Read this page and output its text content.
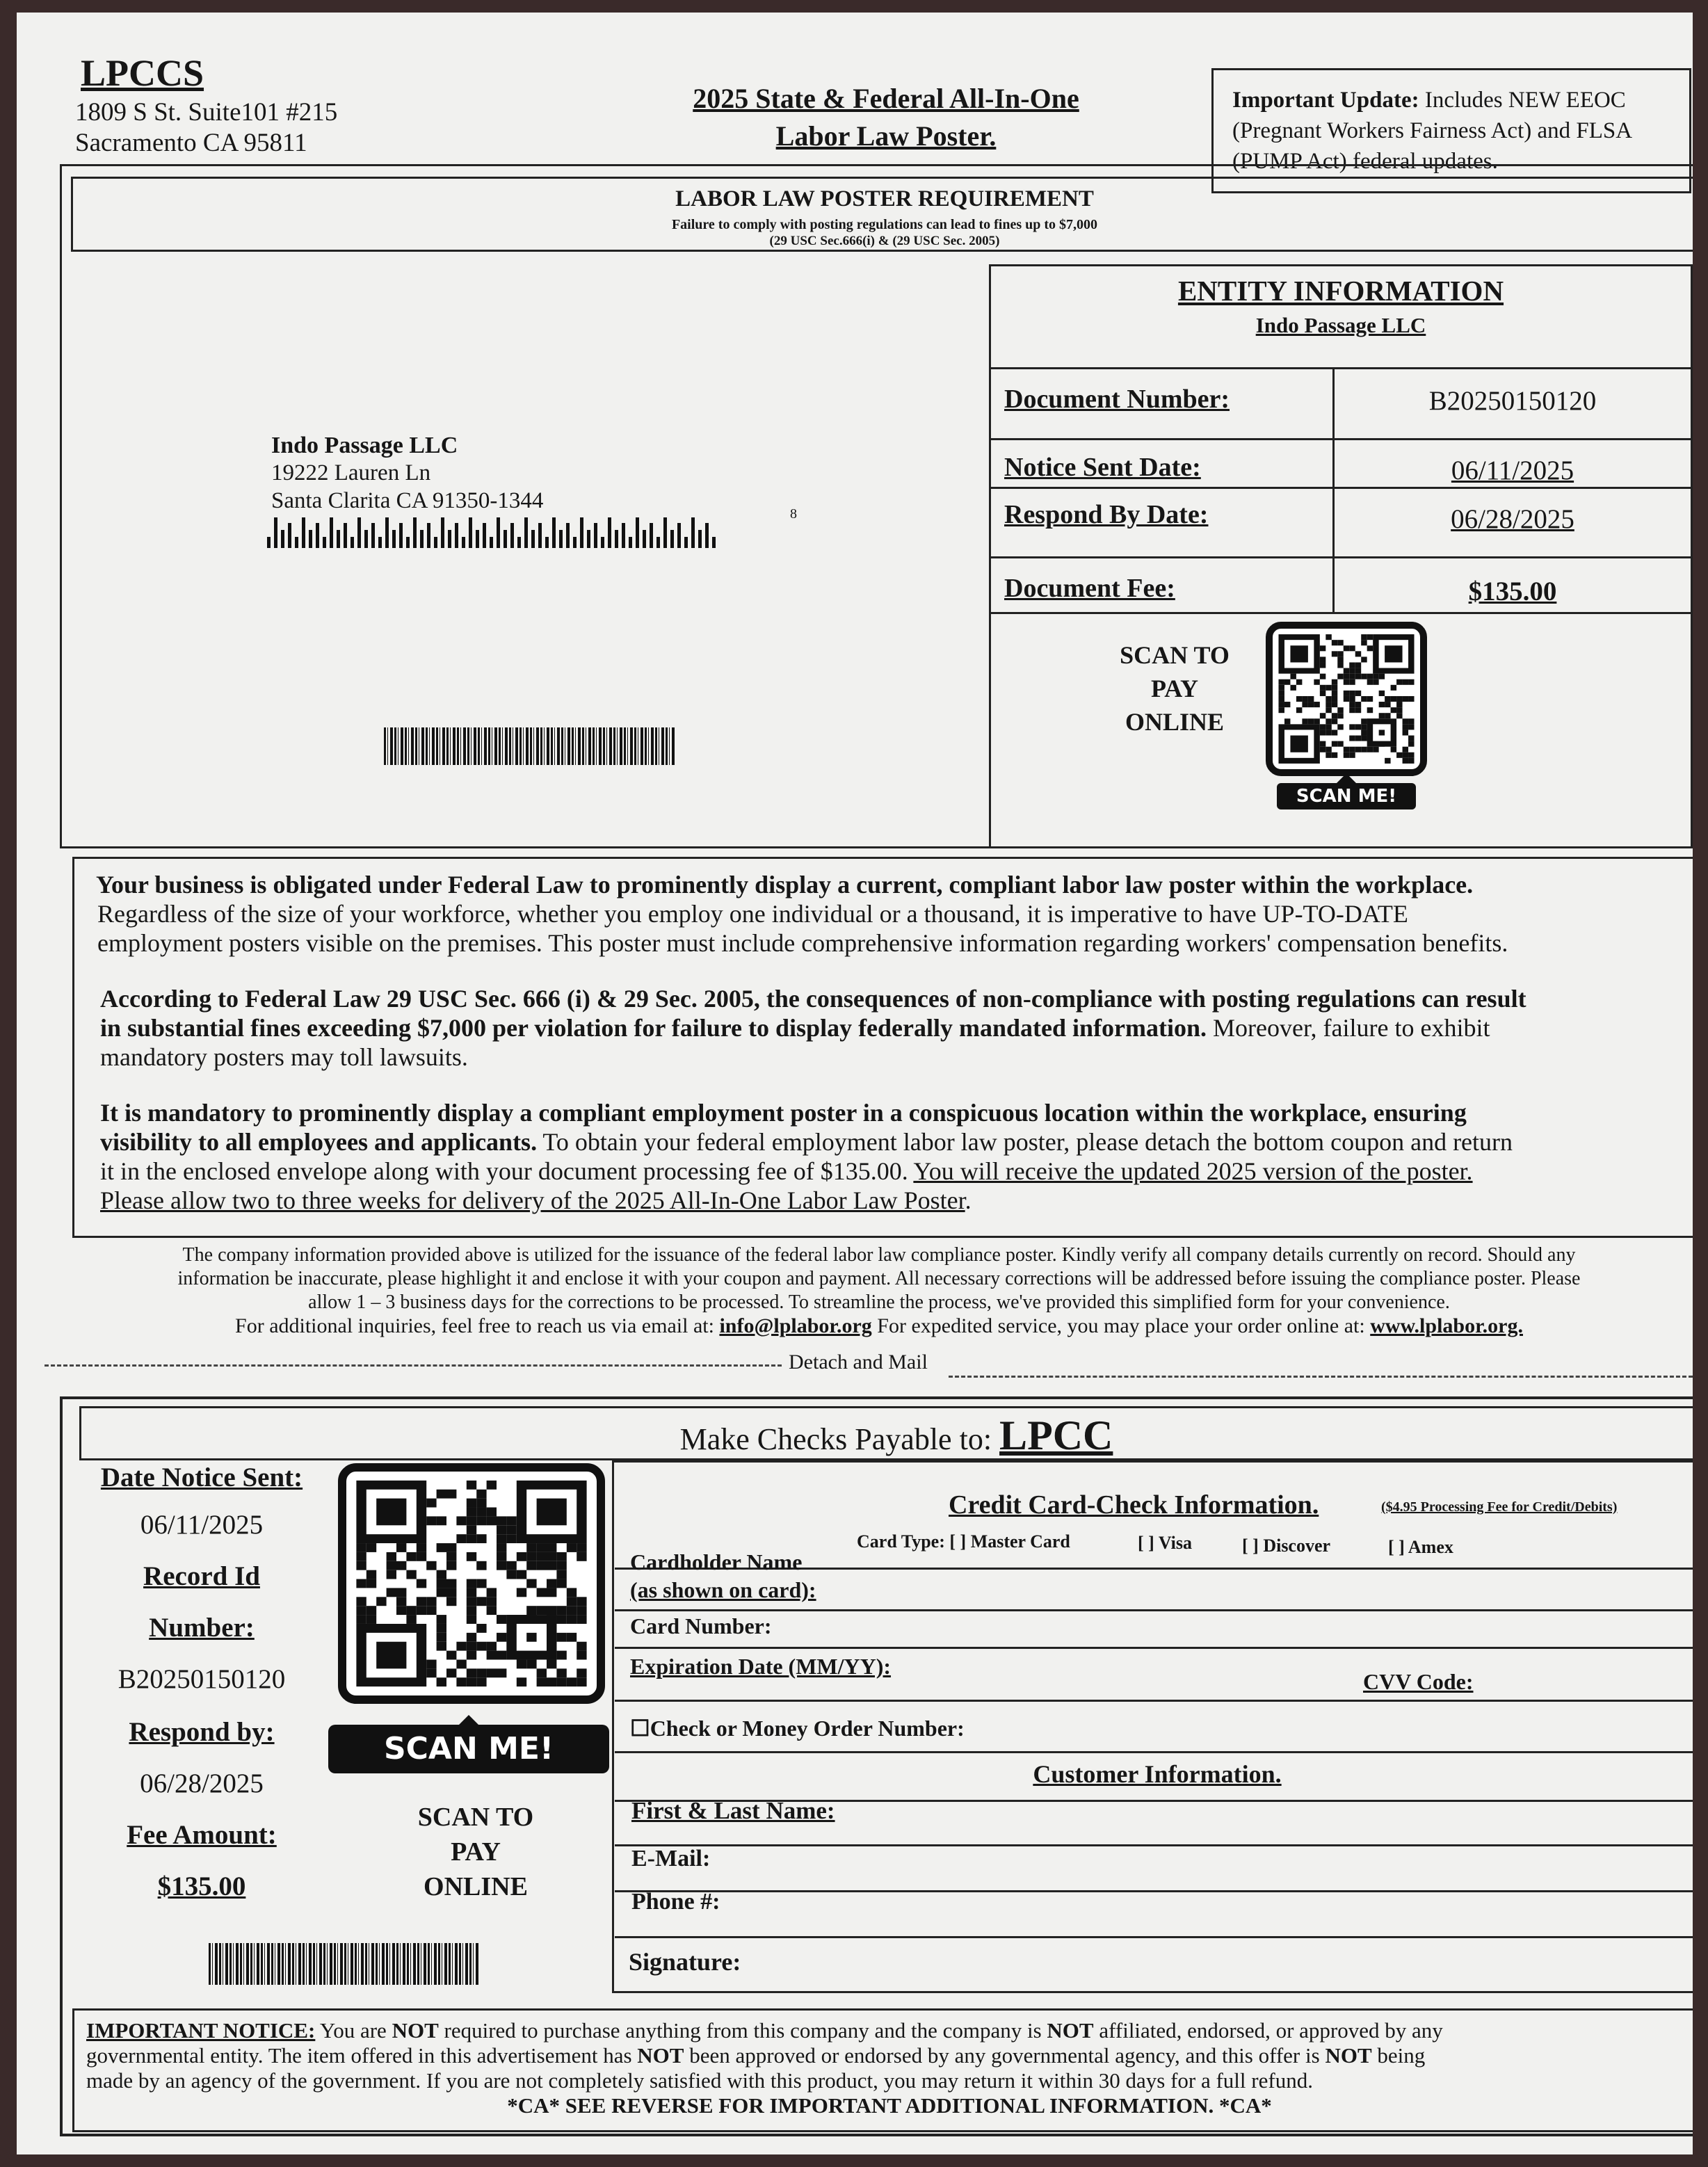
LPCCS
1809 S St. Suite101 #215
Sacramento CA 95811
2025 State & Federal All-In-One
Labor Law Poster.
Important Update: Includes NEW EEOC
(Pregnant Workers Fairness Act) and FLSA
(PUMP Act) federal updates.
LABOR LAW POSTER REQUIREMENT
Failure to comply with posting regulations can lead to fines up to $7,000
(29 USC Sec.666(i) & (29 USC Sec. 2005)
Indo Passage LLC
19222 Lauren Ln
Santa Clarita CA 91350-1344
8
ENTITY INFORMATION
Indo Passage LLC
Document Number:	B20250150120
Notice Sent Date:	06/11/2025
Respond By Date:	06/28/2025
Document Fee:	$135.00
SCAN TO
PAY
ONLINE
SCAN ME!
Your business is obligated under Federal Law to prominently display a current, compliant labor law poster within the workplace.
Regardless of the size of your workforce, whether you employ one individual or a thousand, it is imperative to have UP-TO-DATE
employment posters visible on the premises. This poster must include comprehensive information regarding workers' compensation benefits.
According to Federal Law 29 USC Sec. 666 (i) & 29 Sec. 2005, the consequences of non-compliance with posting regulations can result
in substantial fines exceeding $7,000 per violation for failure to display federally mandated information. Moreover, failure to exhibit
mandatory posters may toll lawsuits.
It is mandatory to prominently display a compliant employment poster in a conspicuous location within the workplace, ensuring
visibility to all employees and applicants. To obtain your federal employment labor law poster, please detach the bottom coupon and return
it in the enclosed envelope along with your document processing fee of $135.00. You will receive the updated 2025 version of the poster.
Please allow two to three weeks for delivery of the 2025 All-In-One Labor Law Poster.
The company information provided above is utilized for the issuance of the federal labor law compliance poster. Kindly verify all company details currently on record. Should any
information be inaccurate, please highlight it and enclose it with your coupon and payment. All necessary corrections will be addressed before issuing the compliance poster. Please
allow 1 – 3 business days for the corrections to be processed. To streamline the process, we've provided this simplified form for your convenience.
For additional inquiries, feel free to reach us via email at: info@lplabor.org For expedited service, you may place your order online at: www.lplabor.org.
Detach and Mail
Make Checks Payable to: LPCC
Date Notice Sent:
06/11/2025
Record Id
Number:
B20250150120
Respond by:
06/28/2025
Fee Amount:
$135.00
SCAN ME!
SCAN TO
PAY
ONLINE
Credit Card-Check Information.	($4.95 Processing Fee for Credit/Debits)
Card Type: [ ] Master Card	[ ] Visa	[ ] Discover	[ ] Amex
Cardholder Name
(as shown on card):
Card Number:
Expiration Date (MM/YY):
CVV Code:
☐Check or Money Order Number:
Customer Information.
First & Last Name:
E-Mail:
Phone #:
Signature:
IMPORTANT NOTICE: You are NOT required to purchase anything from this company and the company is NOT affiliated, endorsed, or approved by any
governmental entity. The item offered in this advertisement has NOT been approved or endorsed by any governmental agency, and this offer is NOT being
made by an agency of the government. If you are not completely satisfied with this product, you may return it within 30 days for a full refund.
*CA* SEE REVERSE FOR IMPORTANT ADDITIONAL INFORMATION. *CA*
